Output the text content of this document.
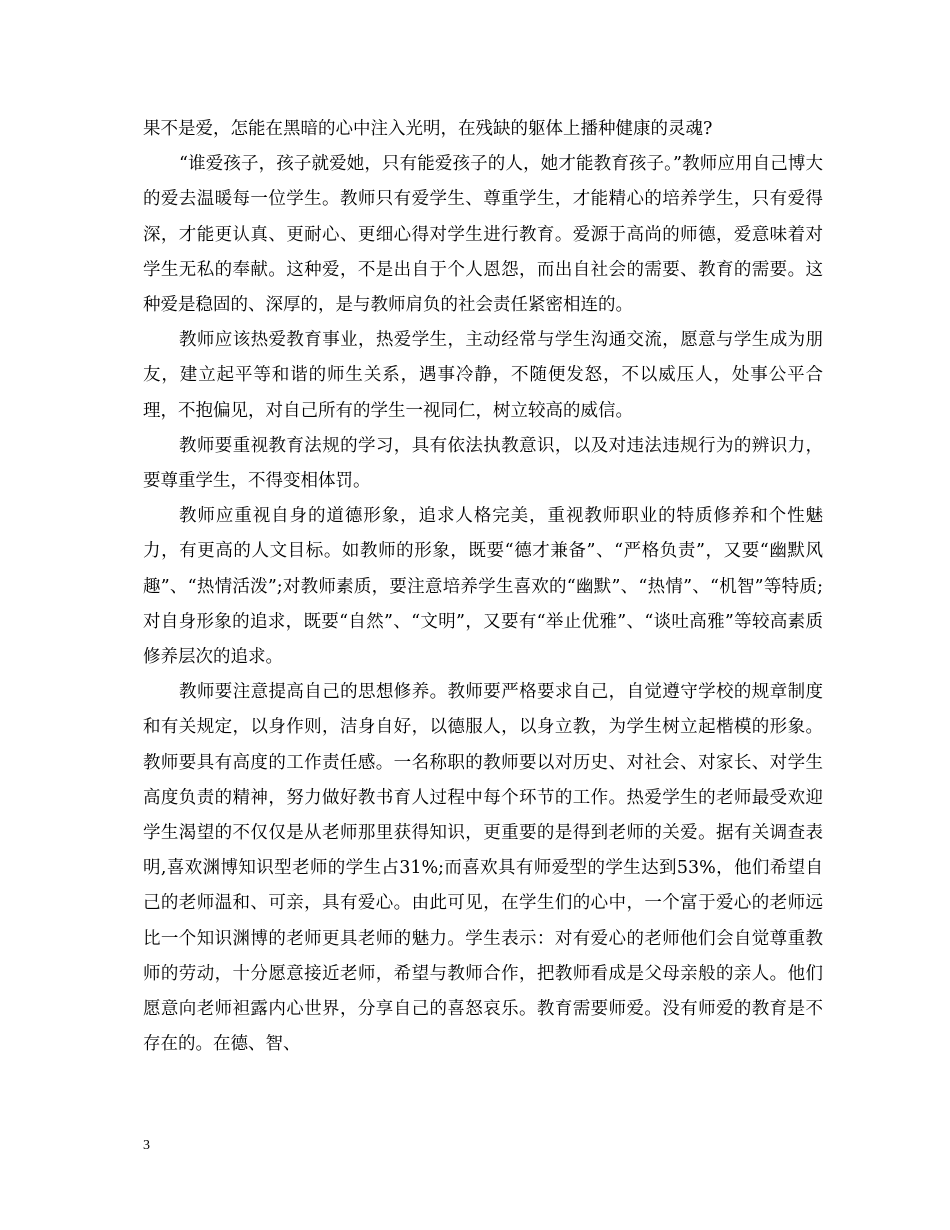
果不是爱，怎能在黑暗的心中注入光明，在残缺的躯体上播种健康的灵魂?

“谁爱孩子，孩子就爱她，只有能爱孩子的人，她才能教育孩子。”教师应用自己博大的爱去温暖每一位学生。教师只有爱学生、尊重学生，才能精心的培养学生，只有爱得深，才能更认真、更耐心、更细心得对学生进行教育。爱源于高尚的师德，爱意味着对学生无私的奉献。这种爱，不是出自于个人恩怨，而出自社会的需要、教育的需要。这种爱是稳固的、深厚的，是与教师肩负的社会责任紧密相连的。

教师应该热爱教育事业，热爱学生，主动经常与学生沟通交流，愿意与学生成为朋友，建立起平等和谐的师生关系，遇事冷静，不随便发怒，不以威压人，处事公平合理，不抱偏见，对自己所有的学生一视同仁，树立较高的威信。

教师要重视教育法规的学习，具有依法执教意识，以及对违法违规行为的辨识力，要尊重学生，不得变相体罚。

教师应重视自身的道德形象，追求人格完美，重视教师职业的特质修养和个性魅力，有更高的人文目标。如教师的形象，既要“德才兼备”、“严格负责”，又要“幽默风趣”、“热情活泼”;对教师素质，要注意培养学生喜欢的“幽默”、“热情”、“机智”等特质;对自身形象的追求，既要“自然”、“文明”，又要有“举止优雅”、“谈吐高雅”等较高素质修养层次的追求。

教师要注意提高自己的思想修养。教师要严格要求自己，自觉遵守学校的规章制度和有关规定，以身作则，洁身自好，以德服人，以身立教，为学生树立起楷模的形象。教师要具有高度的工作责任感。一名称职的教师要以对历史、对社会、对家长、对学生高度负责的精神，努力做好教书育人过程中每个环节的工作。热爱学生的老师最受欢迎学生渴望的不仅仅是从老师那里获得知识，更重要的是得到老师的关爱。据有关调查表明,喜欢渊博知识型老师的学生占31%;而喜欢具有师爱型的学生达到53%，他们希望自己的老师温和、可亲，具有爱心。由此可见，在学生们的心中，一个富于爱心的老师远比一个知识渊博的老师更具老师的魅力。学生表示：对有爱心的老师他们会自觉尊重教师的劳动，十分愿意接近老师，希望与教师合作，把教师看成是父母亲般的亲人。他们愿意向老师袒露内心世界，分享自己的喜怒哀乐。教育需要师爱。没有师爱的教育是不存在的。在德、智、

3
